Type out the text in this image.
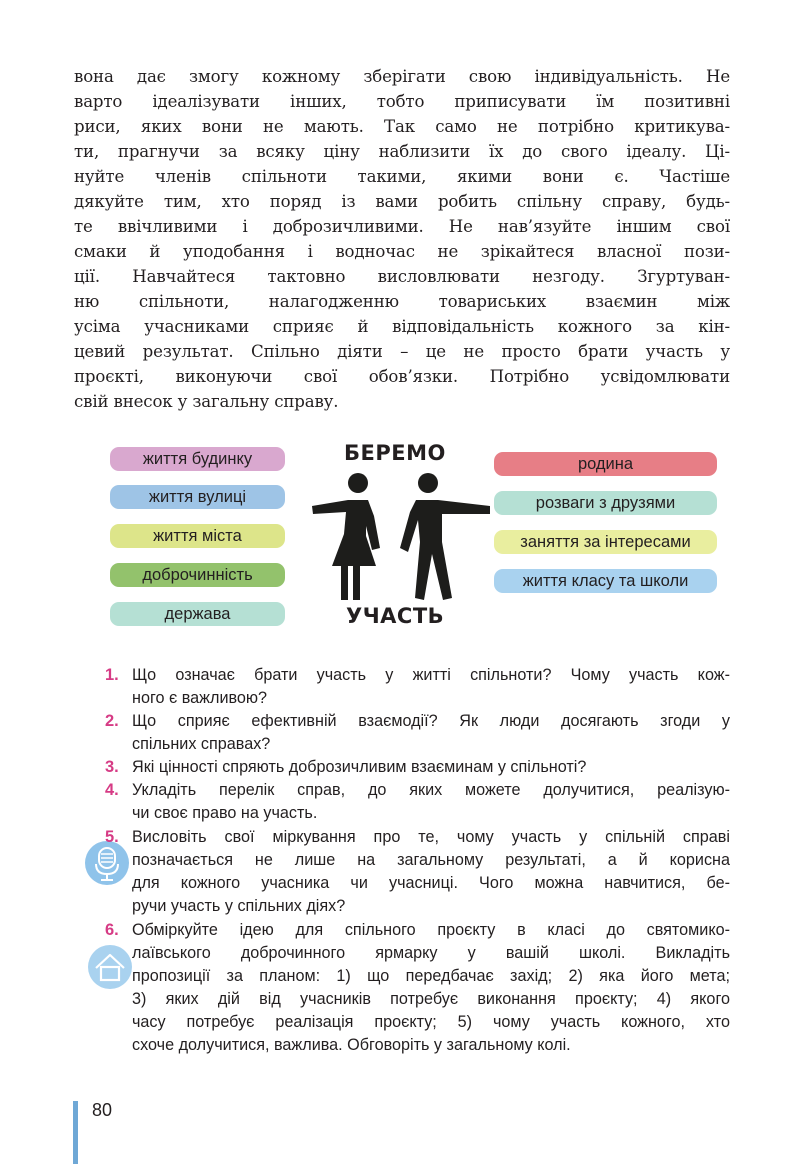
вона дає змогу кожному зберігати свою індивідуальність. Не
варто ідеалізувати інших, тобто приписувати їм позитивні
риси, яких вони не мають. Так само не потрібно критикува-
ти, прагнучи за всяку ціну наблизити їх до свого ідеалу. Ці-
нуйте членів спільноти такими, якими вони є. Частіше
дякуйте тим, хто поряд із вами робить спільну справу, будь-
те ввічливими і доброзичливими. Не нав’язуйте іншим свої
смаки й уподобання і водночас не зрікайтеся власної пози-
ції. Навчайтеся тактовно висловлювати незгоду. Згуртуван-
ню спільноти, налагодженню товариських взаємин між
усіма учасниками сприяє й відповідальність кожного за кін-
цевий результат. Спільно діяти – це не просто брати участь у
проєкті, виконуючи свої обов’язки. Потрібно усвідомлювати
свій внесок у загальну справу.
БЕРЕМО
УЧАСТЬ
життя будинку
життя вулиці
життя міста
доброчинність
держава
родина
розваги з друзями
заняття за інтересами
життя класу та школи
1. Що означає брати участь у житті спільноти? Чому участь кож-
ного є важливою?
2. Що сприяє ефективній взаємодії? Як люди досягають згоди у
спільних справах?
3. Які цінності спряють доброзичливим взаєминам у спільноті?
4. Укладіть перелік справ, до яких можете долучитися, реалізую-
чи своє право на участь.
5. Висловіть свої міркування про те, чому участь у спільній справі
позначається не лише на загальному результаті, а й корисна
для кожного учасника чи учасниці. Чого можна навчитися, бе-
ручи участь у спільних діях?
6. Обміркуйте ідею для спільного проєкту в класі до святомико-
лаївського доброчинного ярмарку у вашій школі. Викладіть
пропозиції за планом: 1) що передбачає захід; 2) яка його мета;
3) яких дій від учасників потребує виконання проєкту; 4) якого
часу потребує реалізація проєкту; 5) чому участь кожного, хто
схоче долучитися, важлива. Обговоріть у загальному колі.
80
